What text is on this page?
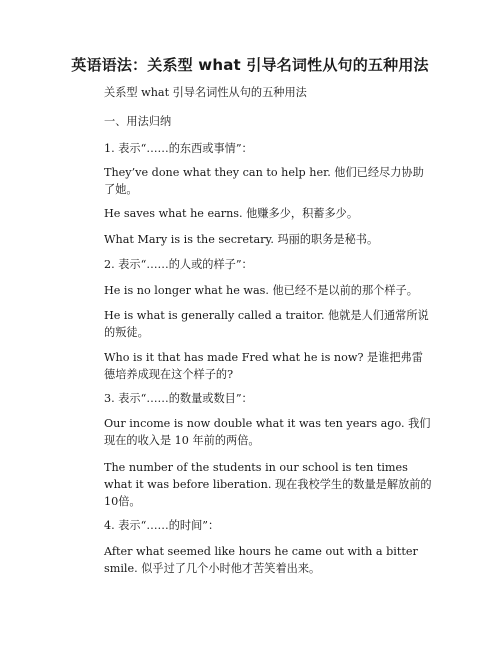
英语语法：关系型 what 引导名词性从句的五种用法
关系型 what 引导名词性从句的五种用法
一、用法归纳
1. 表示“……的东西或事情”：
They’ve done what they can to help her. 他们已经尽力协助了她。
He saves what he earns. 他赚多少，积蓄多少。
What Mary is is the secretary. 玛丽的职务是秘书。
2. 表示“……的人或的样子”：
He is no longer what he was. 他已经不是以前的那个样子。
He is what is generally called a traitor. 他就是人们通常所说的叛徒。
Who is it that has made Fred what he is now? 是谁把弗雷德培养成现在这个样子的?
3. 表示“……的数量或数目”：
Our income is now double what it was ten years ago. 我们现在的收入是 10 年前的两倍。
The number of the students in our school is ten times what it was before liberation. 现在我校学生的数量是解放前的10倍。
4. 表示“……的时间”：
After what seemed like hours he came out with a bitter smile. 似乎过了几个小时他才苦笑着出来。
